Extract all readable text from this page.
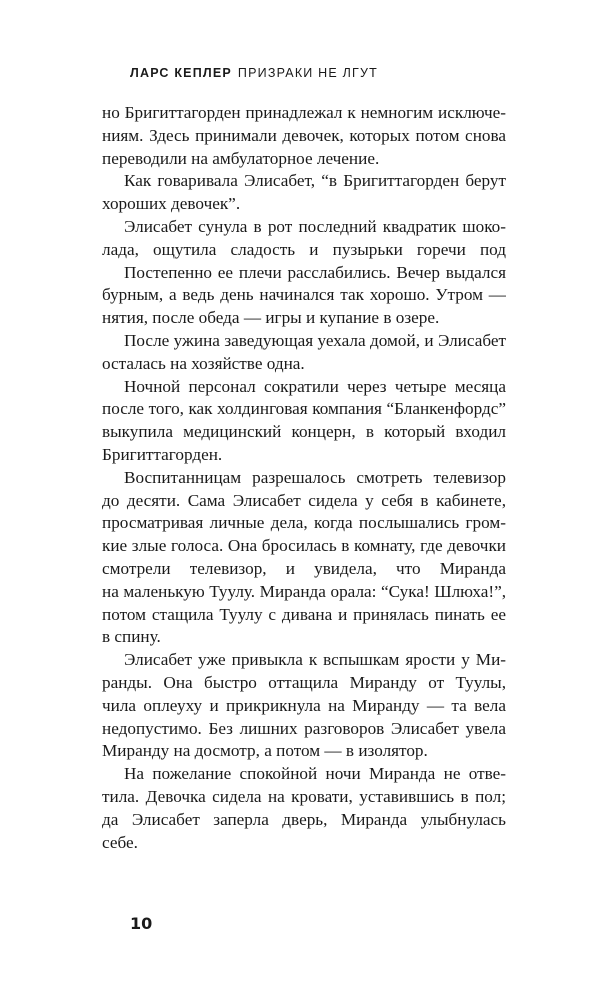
ЛАРС КЕПЛЕР ПРИЗРАКИ НЕ ЛГУТ
но Бригиттагорден принадлежал к немногим исключе-
ниям. Здесь принимали девочек, которых потом снова
переводили на амбулаторное лечение.
Как говаривала Элисабет, “в Бригиттагорден берут
хороших девочек”.
Элисабет сунула в рот последний квадратик шоко-
лада, ощутила сладость и пузырьки горечи под
Постепенно ее плечи расслабились. Вечер выдался
бурным, а ведь день начинался так хорошо. Утром —
нятия, после обеда — игры и купание в озере.
После ужина заведующая уехала домой, и Элисабет
осталась на хозяйстве одна.
Ночной персонал сократили через четыре месяца
после того, как холдинговая компания “Бланкенфордс”
выкупила медицинский концерн, в который входил
Бригиттагорден.
Воспитанницам разрешалось смотреть телевизор
до десяти. Сама Элисабет сидела у себя в кабинете,
просматривая личные дела, когда послышались гром-
кие злые голоса. Она бросилась в комнату, где девочки
смотрели телевизор, и увидела, что Миранда
на маленькую Туулу. Миранда орала: “Сука! Шлюха!”,
потом стащила Туулу с дивана и принялась пинать ее
в спину.
Элисабет уже привыкла к вспышкам ярости у Ми-
ранды. Она быстро оттащила Миранду от Туулы,
чила оплеуху и прикрикнула на Миранду — та вела
недопустимо. Без лишних разговоров Элисабет увела
Миранду на досмотр, а потом — в изолятор.
На пожелание спокойной ночи Миранда не отве-
тила. Девочка сидела на кровати, уставившись в пол;
да Элисабет заперла дверь, Миранда улыбнулась
себе.
10
